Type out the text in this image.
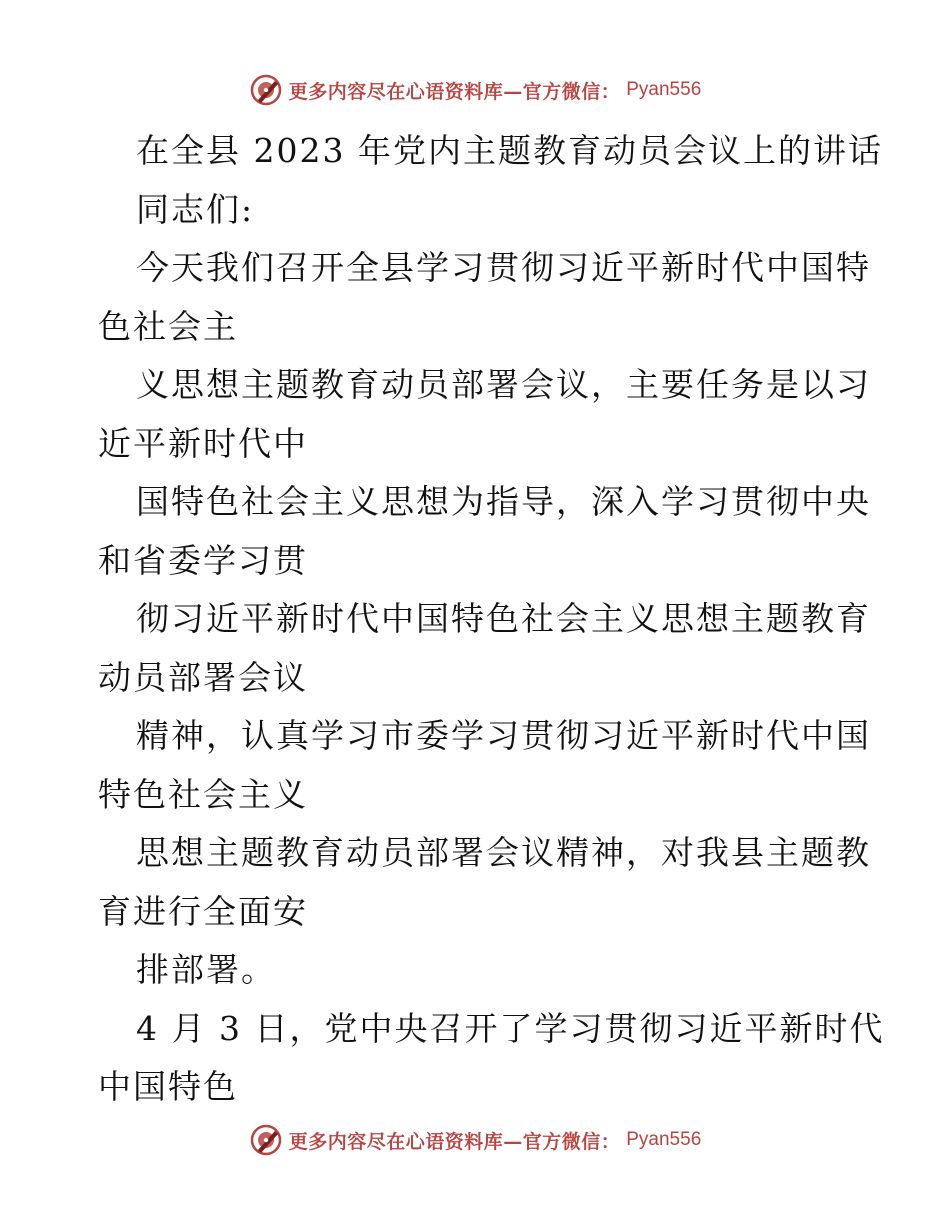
更多内容尽在心语资料库—官方微信： Pyan556
在全县 2023 年党内主题教育动员会议上的讲话
同志们:
今天我们召开全县学习贯彻习近平新时代中国特
色社会主
义思想主题教育动员部署会议，主要任务是以习
近平新时代中
国特色社会主义思想为指导，深入学习贯彻中央
和省委学习贯
彻习近平新时代中国特色社会主义思想主题教育
动员部署会议
精神，认真学习市委学习贯彻习近平新时代中国
特色社会主义
思想主题教育动员部署会议精神，对我县主题教
育进行全面安
排部署。
4 月 3 日，党中央召开了学习贯彻习近平新时代
中国特色
更多内容尽在心语资料库—官方微信： Pyan556
